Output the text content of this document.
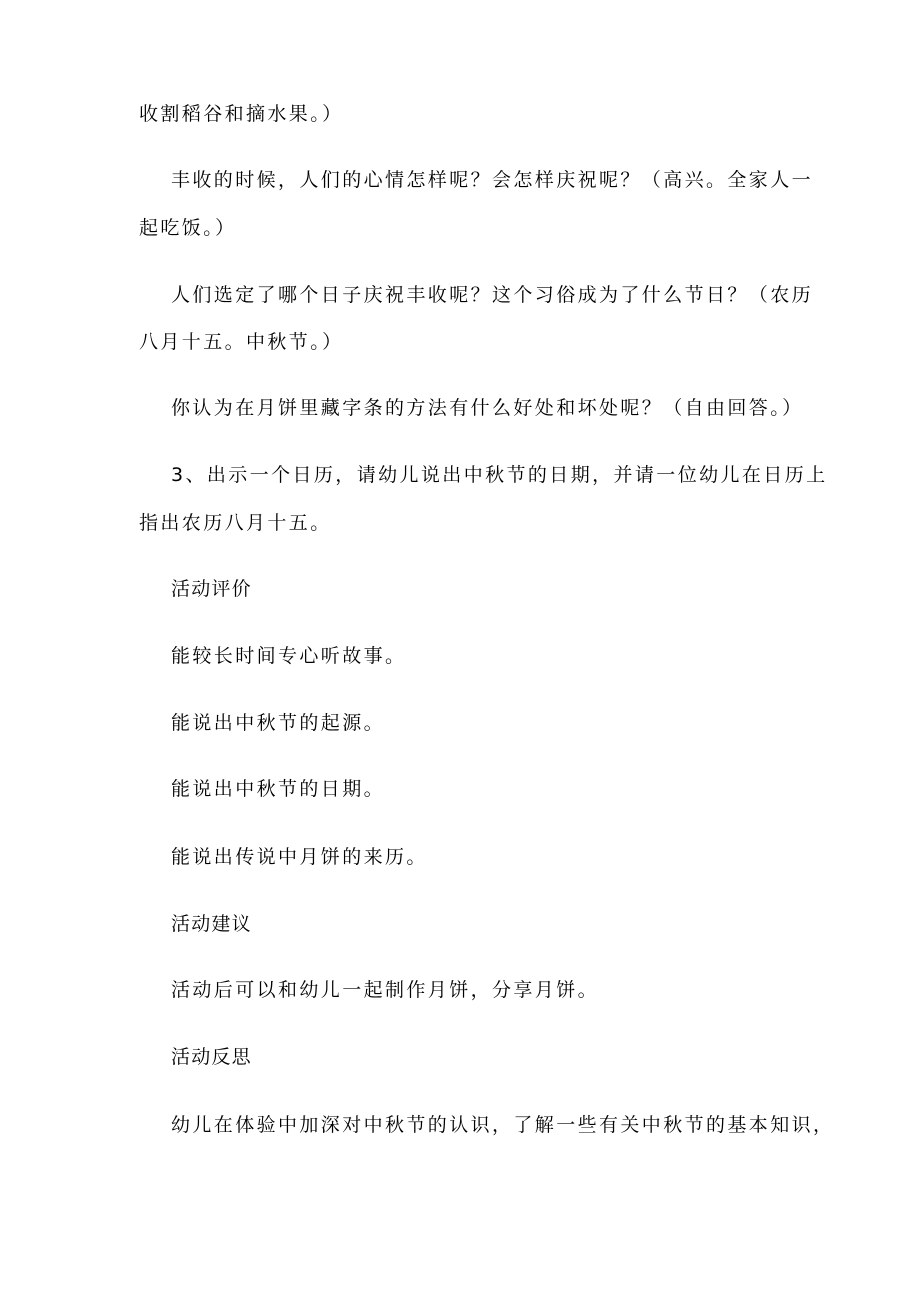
收割稻谷和摘水果。）
丰收的时候，人们的心情怎样呢？会怎样庆祝呢？（高兴。全家人一
起吃饭。）
人们选定了哪个日子庆祝丰收呢？这个习俗成为了什么节日？（农历
八月十五。中秋节。）
你认为在月饼里藏字条的方法有什么好处和坏处呢？（自由回答。）
3、出示一个日历，请幼儿说出中秋节的日期，并请一位幼儿在日历上
指出农历八月十五。
活动评价
能较长时间专心听故事。
能说出中秋节的起源。
能说出中秋节的日期。
能说出传说中月饼的来历。
活动建议
活动后可以和幼儿一起制作月饼，分享月饼。
活动反思
幼儿在体验中加深对中秋节的认识，了解一些有关中秋节的基本知识，
